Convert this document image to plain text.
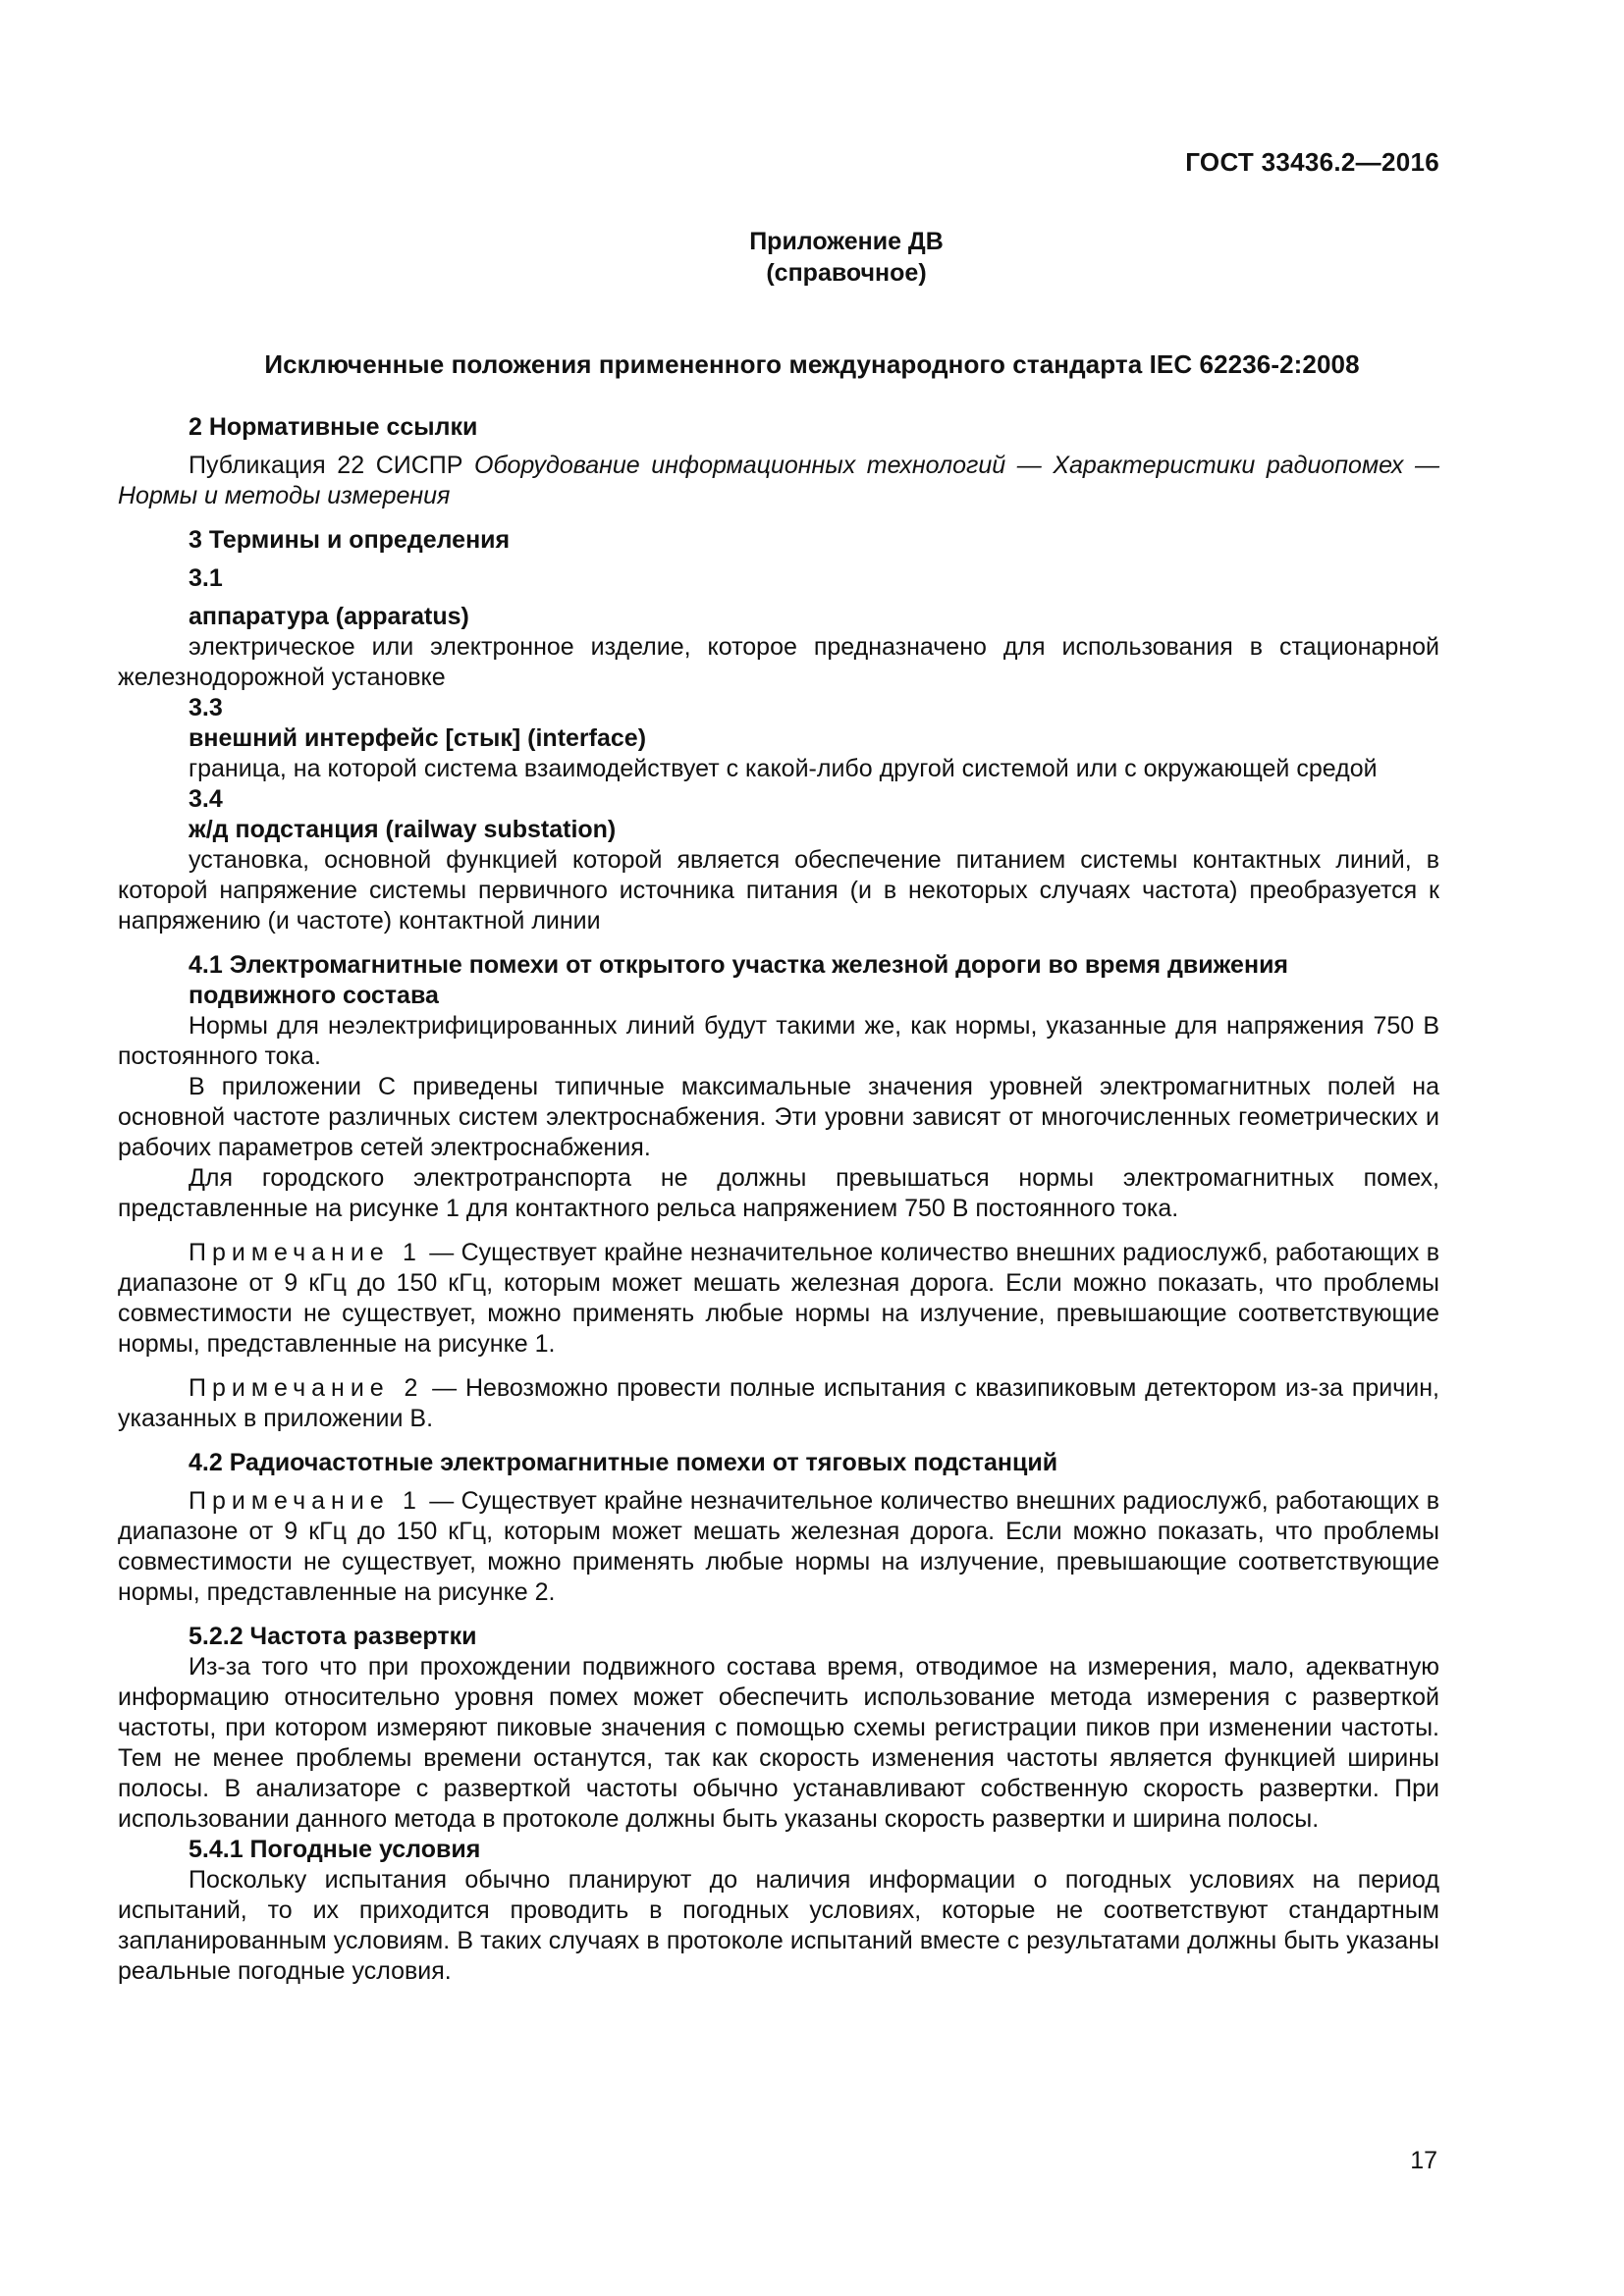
ГОСТ 33436.2—2016
Приложение ДВ
(справочное)
Исключенные положения примененного международного стандарта IEC 62236-2:2008
2 Нормативные ссылки

Публикация 22 СИСПР Оборудование информационных технологий — Характеристики радиопомех — Нормы и методы измерения

3 Термины и определения
3.1
аппаратура (apparatus)

электрическое или электронное изделие, которое предназначено для использования в стационарной железнодорожной установке

3.3
внешний интерфейс [стык] (interface)

граница, на которой система взаимодействует с какой-либо другой системой или с окружающей средой

3.4
ж/д подстанция (railway substation)

установка, основной функцией которой является обеспечение питанием системы контактных линий, в которой напряжение системы первичного источника питания (и в некоторых случаях частота) преобразуется к напряжению (и частоте) контактной линии

4.1 Электромагнитные помехи от открытого участка железной дороги во время движения
подвижного состава

Нормы для неэлектрифицированных линий будут такими же, как нормы, указанные для напряжения 750 В постоянного тока.

В приложении С приведены типичные максимальные значения уровней электромагнитных полей на основной частоте различных систем электроснабжения. Эти уровни зависят от многочисленных геометрических и рабочих параметров сетей электроснабжения.

Для городского электротранспорта не должны превышаться нормы электромагнитных помех, представленные на рисунке 1 для контактного рельса напряжением 750 В постоянного тока.

Примечание 1 — Существует крайне незначительное количество внешних радиослужб, работающих в диапазоне от 9 кГц до 150 кГц, которым может мешать железная дорога. Если можно показать, что проблемы совместимости не существует, можно применять любые нормы на излучение, превышающие соответствующие нормы, представленные на рисунке 1.

Примечание 2 — Невозможно провести полные испытания с квазипиковым детектором из-за причин, указанных в приложении В.

4.2 Радиочастотные электромагнитные помехи от тяговых подстанций

Примечание 1 — Существует крайне незначительное количество внешних радиослужб, работающих в диапазоне от 9 кГц до 150 кГц, которым может мешать железная дорога. Если можно показать, что проблемы совместимости не существует, можно применять любые нормы на излучение, превышающие соответствующие нормы, представленные на рисунке 2.

5.2.2 Частота развертки

Из-за того что при прохождении подвижного состава время, отводимое на измерения, мало, адекватную информацию относительно уровня помех может обеспечить использование метода измерения с разверткой частоты, при котором измеряют пиковые значения с помощью схемы регистрации пиков при изменении частоты. Тем не менее проблемы времени останутся, так как скорость изменения частоты является функцией ширины полосы. В анализаторе с разверткой частоты обычно устанавливают собственную скорость развертки. При использовании данного метода в протоколе должны быть указаны скорость развертки и ширина полосы.

5.4.1 Погодные условия

Поскольку испытания обычно планируют до наличия информации о погодных условиях на период испытаний, то их приходится проводить в погодных условиях, которые не соответствуют стандартным запланированным условиям. В таких случаях в протоколе испытаний вместе с результатами должны быть указаны реальные погодные условия.

17
